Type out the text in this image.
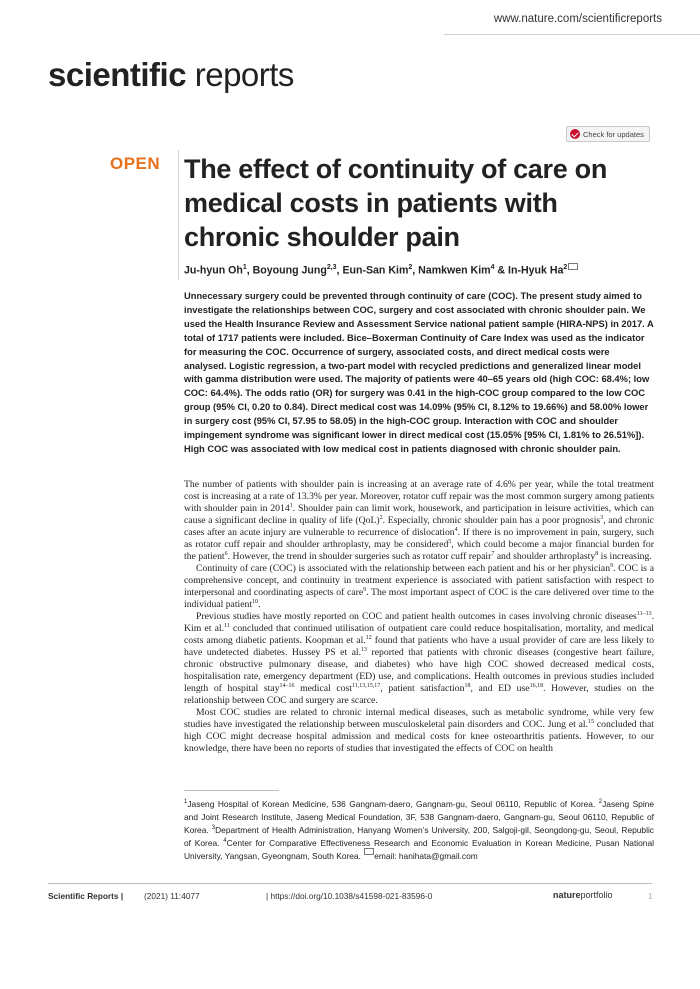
www.nature.com/scientificreports
scientific reports
Check for updates
OPEN The effect of continuity of care on medical costs in patients with chronic shoulder pain

Ju-hyun Oh$^1$, Boyoung Jung$^{2,3}$, Eun-San Kim$^2$, Namkwen Kim$^4$ & In-Hyuk Ha$^2$

Unnecessary surgery could be prevented through continuity of care (COC). The present study aimed to investigate the relationships between COC, surgery and cost associated with chronic shoulder pain. We used the Health Insurance Review and Assessment Service national patient sample (HIRA-NPS) in 2017. A total of 1717 patients were included. Bice–Boxerman Continuity of Care Index was used as the indicator for measuring the COC. Occurrence of surgery, associated costs, and direct medical costs were analysed. Logistic regression, a two-part model with recycled predictions and generalized linear model with gamma distribution were used. The majority of patients were 40–65 years old (high COC: 68.4%; low COC: 64.4%). The odds ratio (OR) for surgery was 0.41 in the high-COC group compared to the low COC group (95% CI, 0.20 to 0.84). Direct medical cost was 14.09% (95% CI, 8.12% to 19.66%) and 58.00% lower in surgery cost (95% CI, 57.95 to 58.05) in the high-COC group. Interaction with COC and shoulder impingement syndrome was significant lower in direct medical cost (15.05% [95% CI, 1.81% to 26.51%]). High COC was associated with low medical cost in patients diagnosed with chronic shoulder pain.

The number of patients with shoulder pain is increasing at an average rate of 4.6% per year, while the total treatment cost is increasing at a rate of 13.3% per year. Moreover, rotator cuff repair was the most common surgery among patients with shoulder pain in 2014$^1$. Shoulder pain can limit work, housework, and participation in leisure activities, which can cause a significant decline in quality of life (QoL)$^2$. Especially, chronic shoulder pain has a poor prognosis$^3$, and chronic cases after an acute injury are vulnerable to recurrence of dislocation$^4$. If there is no improvement in pain, surgery, such as rotator cuff repair and shoulder arthroplasty, may be considered$^5$, which could become a major financial burden for the patient$^6$. However, the trend in shoulder surgeries such as rotator cuff repair$^7$ and shoulder arthroplasty$^8$ is increasing.

Continuity of care (COC) is associated with the relationship between each patient and his or her physician$^9$. COC is a comprehensive concept, and continuity in treatment experience is associated with patient satisfaction with respect to interpersonal and coordinating aspects of care$^9$. The most important aspect of COC is the care delivered over time to the individual patient$^{10}$.

Previous studies have mostly reported on COC and patient health outcomes in cases involving chronic diseases$^{11-13}$. Kim et al.$^{11}$ concluded that continued utilisation of outpatient care could reduce hospitalisation, mortality, and medical costs among diabetic patients. Koopman et al.$^{12}$ found that patients who have a usual provider of care are less likely to have undetected diabetes. Hussey PS et al.$^{13}$ reported that patients with chronic diseases (congestive heart failure, chronic obstructive pulmonary disease, and diabetes) who have high COC showed decreased medical costs, hospitalisation rate, emergency department (ED) use, and complications. Health outcomes in previous studies included length of hospital stay$^{14-16}$ medical cost$^{11,13,15,17}$, patient satisfaction$^{18}$, and ED use$^{16,18}$. However, studies on the relationship between COC and surgery are scarce.

Most COC studies are related to chronic internal medical diseases, such as metabolic syndrome, while very few studies have investigated the relationship between musculoskeletal pain disorders and COC. Jung et al.$^{15}$ concluded that high COC might decrease hospital admission and medical costs for knee osteoarthritis patients. However, to our knowledge, there have been no reports of studies that investigated the effects of COC on health

$^1$Jaseng Hospital of Korean Medicine, 536 Gangnam-daero, Gangnam-gu, Seoul 06110, Republic of Korea. $^2$Jaseng Spine and Joint Research Institute, Jaseng Medical Foundation, 3F, 538 Gangnam-daero, Gangnam-gu, Seoul 06110, Republic of Korea. $^3$Department of Health Administration, Hanyang Women’s University, 200, Salgoji-gil, Seongdong-gu, Seoul, Republic of Korea. $^4$Center for Comparative Effectiveness Research and Economic Evaluation in Korean Medicine, Pusan National University, Yangsan, Gyeongnam, South Korea. email: hanihata@gmail.com

Scientific Reports |	(2021) 11:4077	| https://doi.org/10.1038/s41598-021-83596-0	natureportfolio	1
